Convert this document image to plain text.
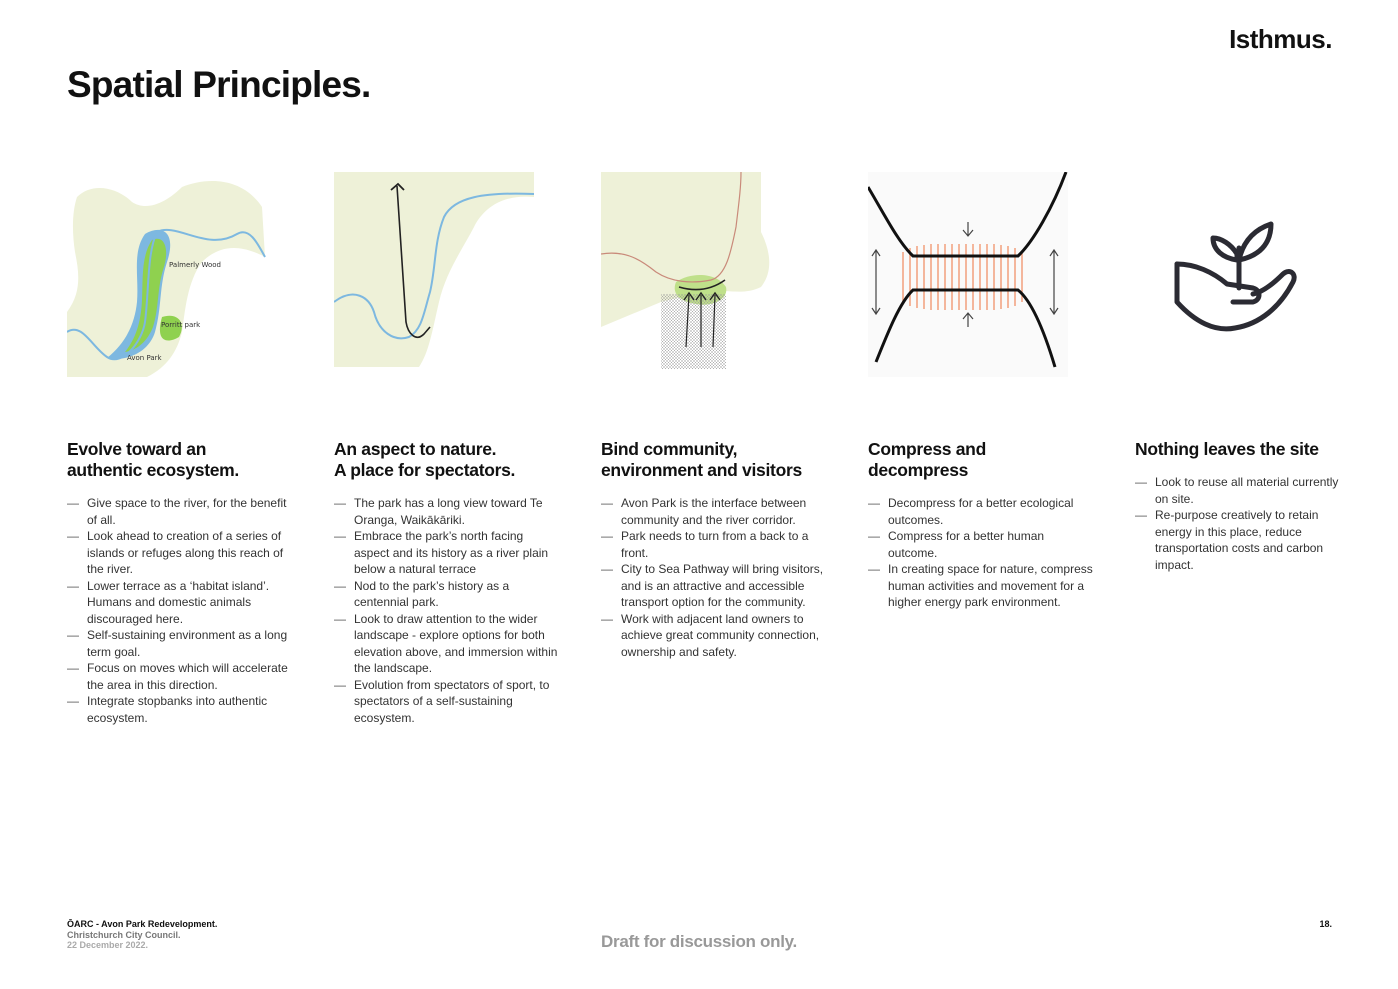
Isthmus.
Spatial Principles.
Palmerly Wood
Porritt park
Avon Park
Evolve toward an
authentic ecosystem.
— Give space to the river, for the benefit of all.
— Look ahead to creation of a series of islands or refuges along this reach of the river.
— Lower terrace as a ‘habitat island’. Humans and domestic animals discouraged here.
— Self-sustaining environment as a long term goal.
— Focus on moves which will accelerate the area in this direction.
— Integrate stopbanks into authentic ecosystem.
An aspect to nature.
A place for spectators.
— The park has a long view toward Te Oranga, Waikākāriki.
— Embrace the park’s north facing aspect and its history as a river plain below a natural terrace
— Nod to the park’s history as a centennial park.
— Look to draw attention to the wider landscape - explore options for both elevation above, and immersion within the landscape.
— Evolution from spectators of sport, to spectators of a self-sustaining ecosystem.
Bind community,
environment and visitors
— Avon Park is the interface between community and the river corridor.
— Park needs to turn from a back to a front.
— City to Sea Pathway will bring visitors, and is an attractive and accessible transport option for the community.
— Work with adjacent land owners to achieve great community connection, ownership and safety.
Compress and
decompress
— Decompress for a better ecological outcomes.
— Compress for a better human outcome.
— In creating space for nature, compress human activities and movement for a higher energy park environment.
Nothing leaves the site
— Look to reuse all material currently on site.
— Re-purpose creatively to retain energy in this place, reduce transportation costs and carbon impact.
ŌARC - Avon Park Redevelopment.
Christchurch City Council.
22 December 2022.	Draft for discussion only.
18.
